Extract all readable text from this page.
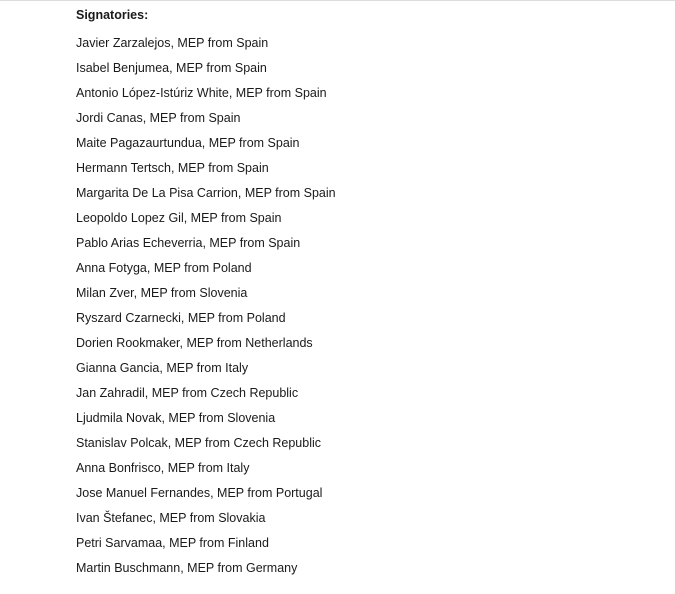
Signatories:

Javier Zarzalejos, MEP from Spain
Isabel Benjumea, MEP from Spain
Antonio López-Istúriz White, MEP from Spain
Jordi Canas, MEP from Spain
Maite Pagazaurtundua, MEP from Spain
Hermann Tertsch, MEP from Spain
Margarita De La Pisa Carrion, MEP from Spain
Leopoldo Lopez Gil, MEP from Spain
Pablo Arias Echeverria, MEP from Spain
Anna Fotyga, MEP from Poland
Milan Zver, MEP from Slovenia
Ryszard Czarnecki, MEP from Poland
Dorien Rookmaker, MEP from Netherlands
Gianna Gancia, MEP from Italy
Jan Zahradil, MEP from Czech Republic
Ljudmila Novak, MEP from Slovenia
Stanislav Polcak, MEP from Czech Republic
Anna Bonfrisco, MEP from Italy
Jose Manuel Fernandes, MEP from Portugal
Ivan Štefanec, MEP from Slovakia
Petri Sarvamaa, MEP from Finland
Martin Buschmann, MEP from Germany
